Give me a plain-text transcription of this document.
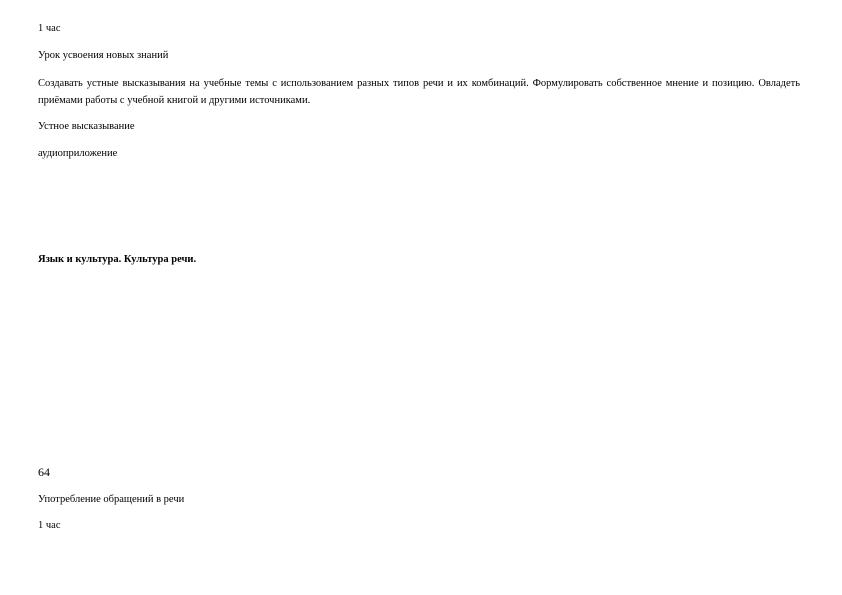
1 час
Урок усвоения новых знаний
Создавать устные высказывания на учебные темы с использованием разных типов речи и их комбинаций. Формулировать собственное мнение и позицию. Овладеть приёмами работы с учебной книгой и другими источниками.
Устное высказывание
аудиоприложение
Язык и культура. Культура речи.
64
Употребление обращений в речи
1 час
